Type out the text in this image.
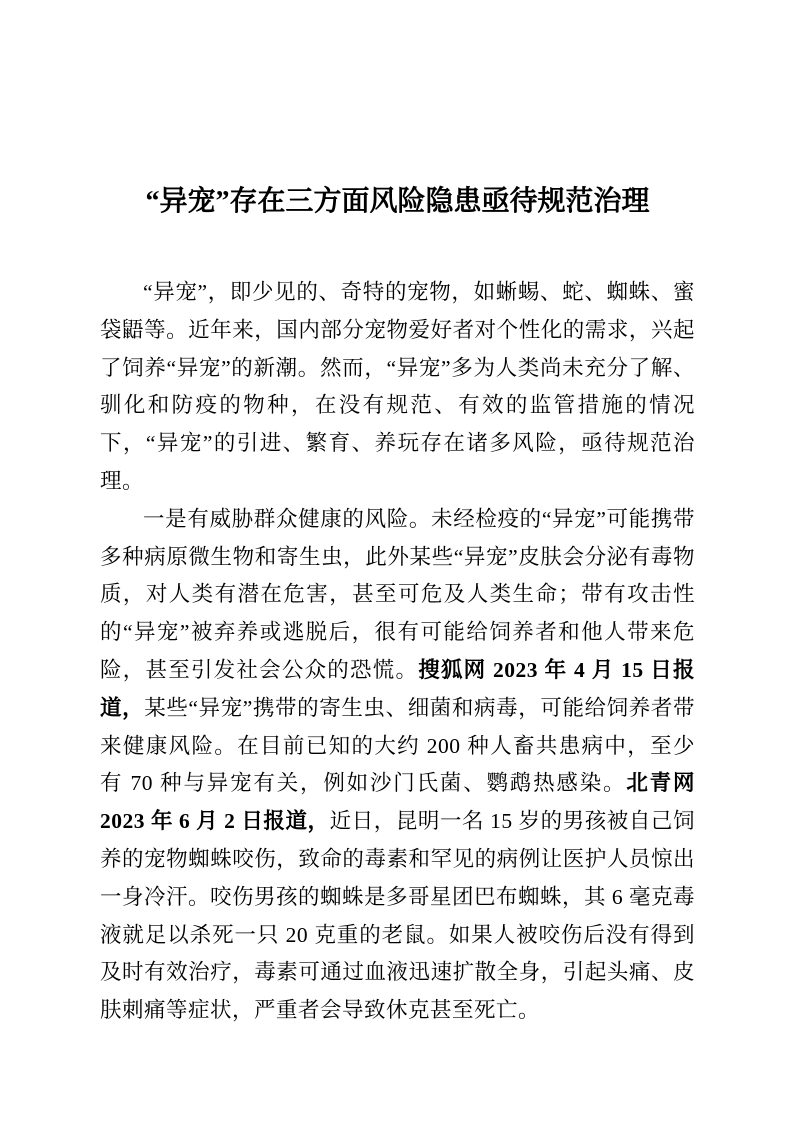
“异宠”存在三方面风险隐患亟待规范治理

“异宠”，即少见的、奇特的宠物，如蜥蜴、蛇、蜘蛛、蜜袋鼯等。近年来，国内部分宠物爱好者对个性化的需求，兴起了饲养“异宠”的新潮。然而，“异宠”多为人类尚未充分了解、驯化和防疫的物种，在没有规范、有效的监管措施的情况下，“异宠”的引进、繁育、养玩存在诸多风险，亟待规范治理。

一是有威胁群众健康的风险。未经检疫的“异宠”可能携带多种病原微生物和寄生虫，此外某些“异宠”皮肤会分泌有毒物质，对人类有潜在危害，甚至可危及人类生命；带有攻击性的“异宠”被弃养或逃脱后，很有可能给饲养者和他人带来危险，甚至引发社会公众的恐慌。搜狐网 2023 年 4 月 15 日报道，某些“异宠”携带的寄生虫、细菌和病毒，可能给饲养者带来健康风险。在目前已知的大约 200 种人畜共患病中，至少有 70 种与异宠有关，例如沙门氏菌、鹦鹉热感染。北青网 2023 年 6 月 2 日报道，近日，昆明一名 15 岁的男孩被自己饲养的宠物蜘蛛咬伤，致命的毒素和罕见的病例让医护人员惊出一身冷汗。咬伤男孩的蜘蛛是多哥星团巴布蜘蛛，其 6 毫克毒液就足以杀死一只 20 克重的老鼠。如果人被咬伤后没有得到及时有效治疗，毒素可通过血液迅速扩散全身，引起头痛、皮肤刺痛等症状，严重者会导致休克甚至死亡。
